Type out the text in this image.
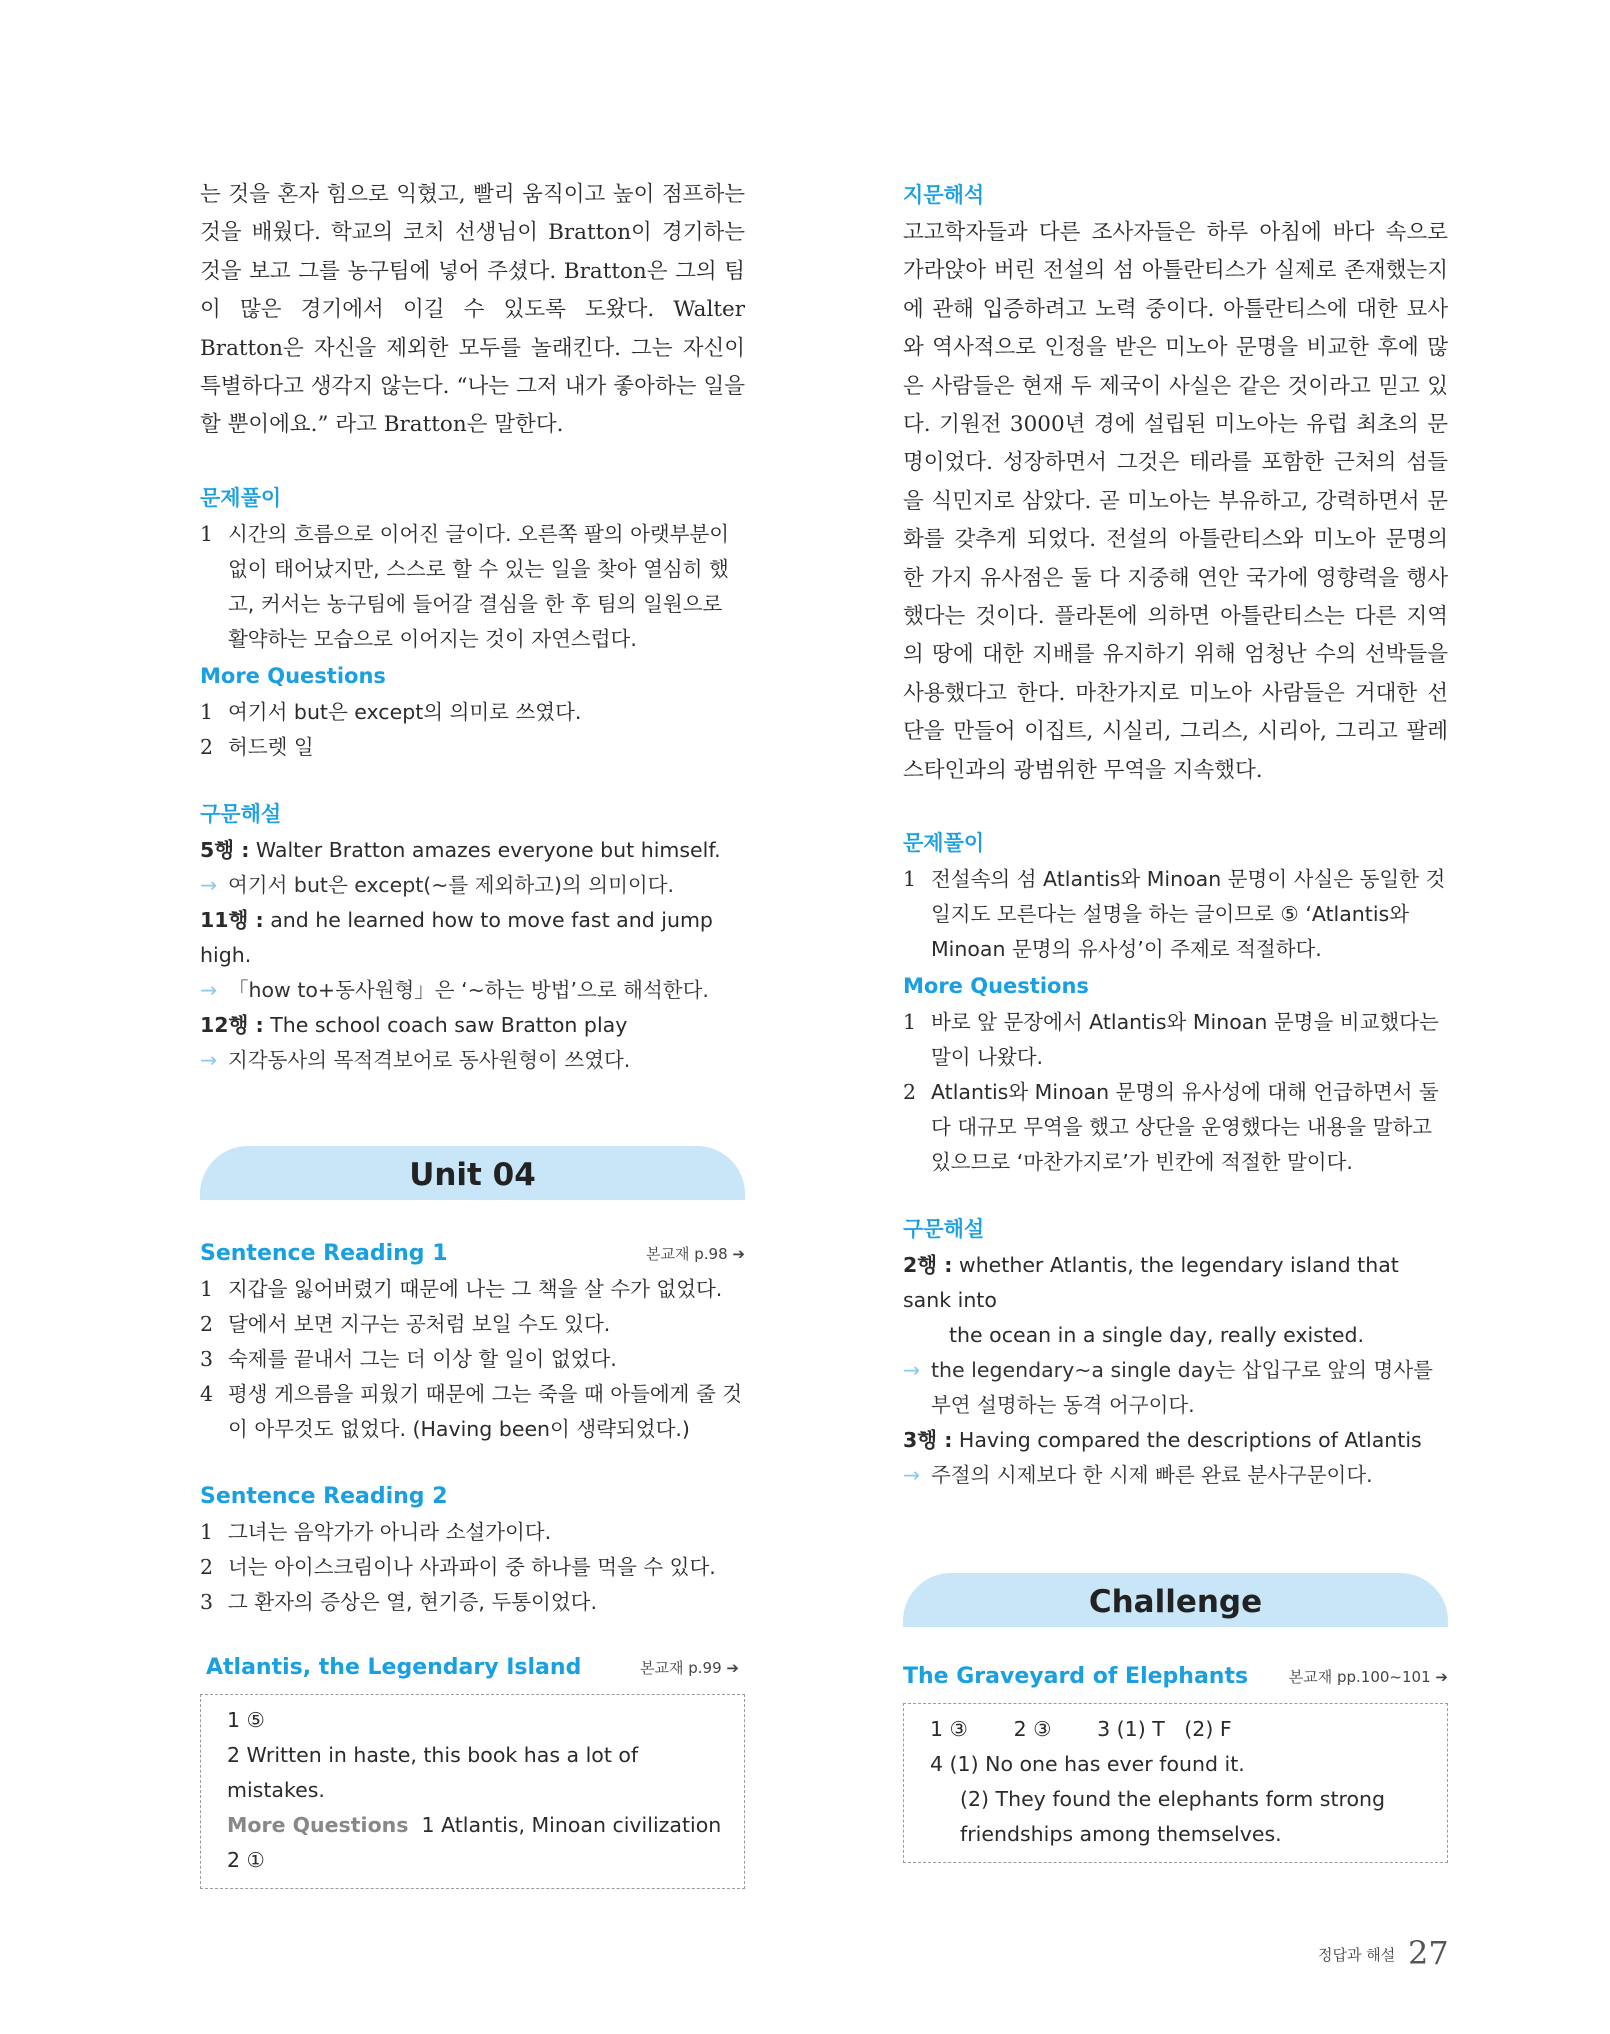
는 것을 혼자 힘으로 익혔고, 빨리 움직이고 높이 점프하는 것을 배웠다. 학교의 코치 선생님이 Bratton이 경기하는 것을 보고 그를 농구팀에 넣어 주셨다. Bratton은 그의 팀이 많은 경기에서 이길 수 있도록 도왔다. Walter Bratton은 자신을 제외한 모두를 놀래킨다. 그는 자신이 특별하다고 생각지 않는다. “나는 그저 내가 좋아하는 일을 할 뿐이에요.” 라고 Bratton은 말한다.

문제풀이

1 시간의 흐름으로 이어진 글이다. 오른쪽 팔의 아랫부분이 없이 태어났지만, 스스로 할 수 있는 일을 찾아 열심히 했고, 커서는 농구팀에 들어갈 결심을 한 후 팀의 일원으로 활약하는 모습으로 이어지는 것이 자연스럽다.

More Questions

1 여기서 but은 except의 의미로 쓰였다.

2 허드렛 일

구문해설

5행 : Walter Bratton amazes everyone but himself.

→ 여기서 but은 except(~를 제외하고)의 의미이다.

11행 : and he learned how to move fast and jump high.

→ 「how to+동사원형」은 ‘~하는 방법’으로 해석한다.

12행 : The school coach saw Bratton play

→ 지각동사의 목적격보어로 동사원형이 쓰였다.

Unit 04
Sentence Reading 1	본교재 p.98 ➔

1 지갑을 잃어버렸기 때문에 나는 그 책을 살 수가 없었다.

2 달에서 보면 지구는 공처럼 보일 수도 있다.

3 숙제를 끝내서 그는 더 이상 할 일이 없었다.

4 평생 게으름을 피웠기 때문에 그는 죽을 때 아들에게 줄 것이 아무것도 없었다. (Having been이 생략되었다.)

Sentence Reading 2

1 그녀는 음악가가 아니라 소설가이다.

2 너는 아이스크림이나 사과파이 중 하나를 먹을 수 있다.

3 그 환자의 증상은 열, 현기증, 두통이었다.

Atlantis, the Legendary Island	본교재 p.99 ➔

1 ⑤

2 Written in haste, this book has a lot of mistakes.

More Questions 1 Atlantis, Minoan civilization

2 ①

지문해석

고고학자들과 다른 조사자들은 하루 아침에 바다 속으로 가라앉아 버린 전설의 섬 아틀란티스가 실제로 존재했는지에 관해 입증하려고 노력 중이다. 아틀란티스에 대한 묘사와 역사적으로 인정을 받은 미노아 문명을 비교한 후에 많은 사람들은 현재 두 제국이 사실은 같은 것이라고 믿고 있다. 기원전 3000년 경에 설립된 미노아는 유럽 최초의 문명이었다. 성장하면서 그것은 테라를 포함한 근처의 섬들을 식민지로 삼았다. 곧 미노아는 부유하고, 강력하면서 문화를 갖추게 되었다. 전설의 아틀란티스와 미노아 문명의 한 가지 유사점은 둘 다 지중해 연안 국가에 영향력을 행사했다는 것이다. 플라톤에 의하면 아틀란티스는 다른 지역의 땅에 대한 지배를 유지하기 위해 엄청난 수의 선박들을 사용했다고 한다. 마찬가지로 미노아 사람들은 거대한 선단을 만들어 이집트, 시실리, 그리스, 시리아, 그리고 팔레스타인과의 광범위한 무역을 지속했다.

문제풀이

1 전설속의 섬 Atlantis와 Minoan 문명이 사실은 동일한 것일지도 모른다는 설명을 하는 글이므로 ⑤ ‘Atlantis와 Minoan 문명의 유사성’이 주제로 적절하다.

More Questions

1 바로 앞 문장에서 Atlantis와 Minoan 문명을 비교했다는 말이 나왔다.

2 Atlantis와 Minoan 문명의 유사성에 대해 언급하면서 둘 다 대규모 무역을 했고 상단을 운영했다는 내용을 말하고 있으므로 ‘마찬가지로’가 빈칸에 적절한 말이다.

구문해설

2행 : whether Atlantis, the legendary island that sank into

the ocean in a single day, really existed.

→ the legendary~a single day는 삽입구로 앞의 명사를 부연 설명하는 동격 어구이다.

3행 : Having compared the descriptions of Atlantis

→ 주절의 시제보다 한 시제 빠른 완료 분사구문이다.

Challenge
The Graveyard of Elephants	본교재 pp.100~101 ➔

1 ③ 2 ③ 3 (1) T   (2) F

4 (1) No one has ever found it.

(2) They found the elephants form strong friendships among themselves.

정답과 해설 27
